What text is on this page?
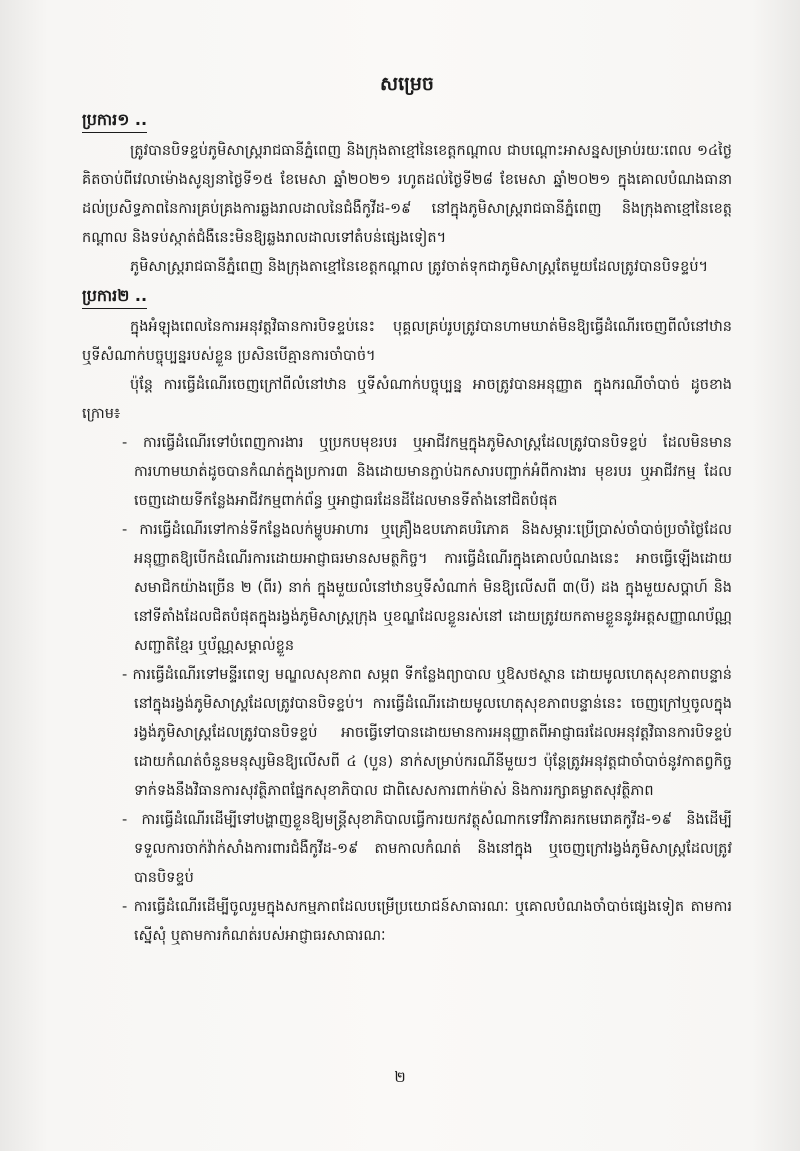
សម្រេច
ប្រការ១ ..

ត្រូវបានបិទខ្ទប់ភូមិសាស្ត្ររាជធានីភ្នំពេញ និងក្រុងតាខ្មៅនៃខេត្តកណ្តាល ជាបណ្តោះអាសន្នសម្រាប់រយៈពេល ១៤ថ្ងៃ គិតចាប់ពីវេលាម៉ោងសូន្យនាថ្ងៃទី១៥ ខែមេសា ឆ្នាំ២០២១ រហូតដល់ថ្ងៃទី២៨ ខែមេសា ឆ្នាំ២០២១ ក្នុងគោលបំណងធានាដល់ប្រសិទ្ធភាពនៃការគ្រប់គ្រងការឆ្លងរាលដាលនៃជំងឺកូវីដ-១៩ នៅក្នុងភូមិសាស្ត្ររាជធានីភ្នំពេញ និងក្រុងតាខ្មៅនៃខេត្តកណ្តាល និងទប់ស្កាត់ជំងឺនេះមិនឱ្យឆ្លងរាលដាលទៅតំបន់ផ្សេងទៀត។

ភូមិសាស្ត្ររាជធានីភ្នំពេញ និងក្រុងតាខ្មៅនៃខេត្តកណ្តាល ត្រូវចាត់ទុកជាភូមិសាស្ត្រតែមួយដែលត្រូវបានបិទខ្ទប់។

ប្រការ២ ..

ក្នុងអំឡុងពេលនៃការអនុវត្តវិធានការបិទខ្ទប់នេះ បុគ្គលគ្រប់រូបត្រូវបានហាមឃាត់មិនឱ្យធ្វើដំណើរចេញពីលំនៅឋាន ឬទីសំណាក់បច្ចុប្បន្នរបស់ខ្លួន ប្រសិនបើគ្មានការចាំបាច់។

ប៉ុន្តែ ការធ្វើដំណើរចេញក្រៅពីលំនៅឋាន ឬទីសំណាក់បច្ចុប្បន្ន អាចត្រូវបានអនុញ្ញាត ក្នុងករណីចាំបាច់ ដូចខាងក្រោម៖

- ការធ្វើដំណើរទៅបំពេញការងារ ឬប្រកបមុខរបរ ឬអាជីវកម្មក្នុងភូមិសាស្ត្រដែលត្រូវបានបិទខ្ទប់ ដែលមិនមានការហាមឃាត់ដូចបានកំណត់ក្នុងប្រការ៣ និងដោយមានភ្ជាប់ឯកសារបញ្ជាក់អំពីការងារ មុខរបរ ឬអាជីវកម្ម ដែលចេញដោយទីកន្លែងអាជីវកម្មពាក់ព័ន្ធ ឬអាជ្ញាធរដែនដីដែលមានទីតាំងនៅជិតបំផុត
- ការធ្វើដំណើរទៅកាន់ទីកន្លែងលក់ម្ហូបអាហារ ឬគ្រឿងឧបភោគបរិភោគ និងសម្ភារៈប្រើប្រាស់ចាំបាច់ប្រចាំថ្ងៃដែលអនុញ្ញាតឱ្យបើកដំណើរការដោយអាជ្ញាធរមានសមត្ថកិច្ច។ ការធ្វើដំណើរក្នុងគោលបំណងនេះ អាចធ្វើឡើងដោយសមាជិកយ៉ាងច្រើន ២ (ពីរ) នាក់ ក្នុងមួយលំនៅឋានឬទីសំណាក់ មិនឱ្យលើសពី ៣(បី) ដង ក្នុងមួយសប្តាហ៍ និងនៅទីតាំងដែលជិតបំផុតក្នុងរង្វង់ភូមិសាស្ត្រក្រុង ឬខណ្ឌដែលខ្លួនរស់នៅ ដោយត្រូវយកតាមខ្លួននូវអត្តសញ្ញាណប័ណ្ណសញ្ជាតិខ្មែរ ឬប័ណ្ណសម្គាល់ខ្លួន
- ការធ្វើដំណើរទៅមន្ទីរពេទ្យ មណ្ឌលសុខភាព សម្ភព ទីកន្លែងព្យាបាល ឬឱសថស្ថាន ដោយមូលហេតុសុខភាពបន្ទាន់ នៅក្នុងរង្វង់ភូមិសាស្ត្រដែលត្រូវបានបិទខ្ទប់។ ការធ្វើដំណើរដោយមូលហេតុសុខភាពបន្ទាន់នេះ ចេញក្រៅឬចូលក្នុងរង្វង់ភូមិសាស្ត្រដែលត្រូវបានបិទខ្ទប់ អាចធ្វើទៅបានដោយមានការអនុញ្ញាតពីអាជ្ញាធរដែលអនុវត្តវិធានការបិទខ្ទប់ ដោយកំណត់ចំនួនមនុស្សមិនឱ្យលើសពី ៤ (បួន) នាក់សម្រាប់ករណីនីមួយៗ ប៉ុន្តែត្រូវអនុវត្តជាចាំបាច់នូវកាតព្វកិច្ចទាក់ទងនឹងវិធានការសុវត្ថិភាពផ្នែកសុខាភិបាល ជាពិសេសការពាក់ម៉ាស់ និងការរក្សាគម្លាតសុវត្ថិភាព
- ការធ្វើដំណើរដើម្បីទៅបង្ហាញខ្លួនឱ្យមន្ត្រីសុខាភិបាលធ្វើការយកវត្ថុសំណាកទៅវិភាគរកមេរោគកូវីដ-១៩ និងដើម្បីទទួលការចាក់វ៉ាក់សាំងការពារជំងឺកូវីដ-១៩ តាមកាលកំណត់ និងនៅក្នុង ឬចេញក្រៅរង្វង់ភូមិសាស្ត្រដែលត្រូវបានបិទខ្ទប់
- ការធ្វើដំណើរដើម្បីចូលរួមក្នុងសកម្មភាពដែលបម្រើប្រយោជន៍សាធារណៈ ឬគោលបំណងចាំបាច់ផ្សេងទៀត តាមការស្នើសុំ ឬតាមការកំណត់របស់អាជ្ញាធរសាធារណៈ
២
